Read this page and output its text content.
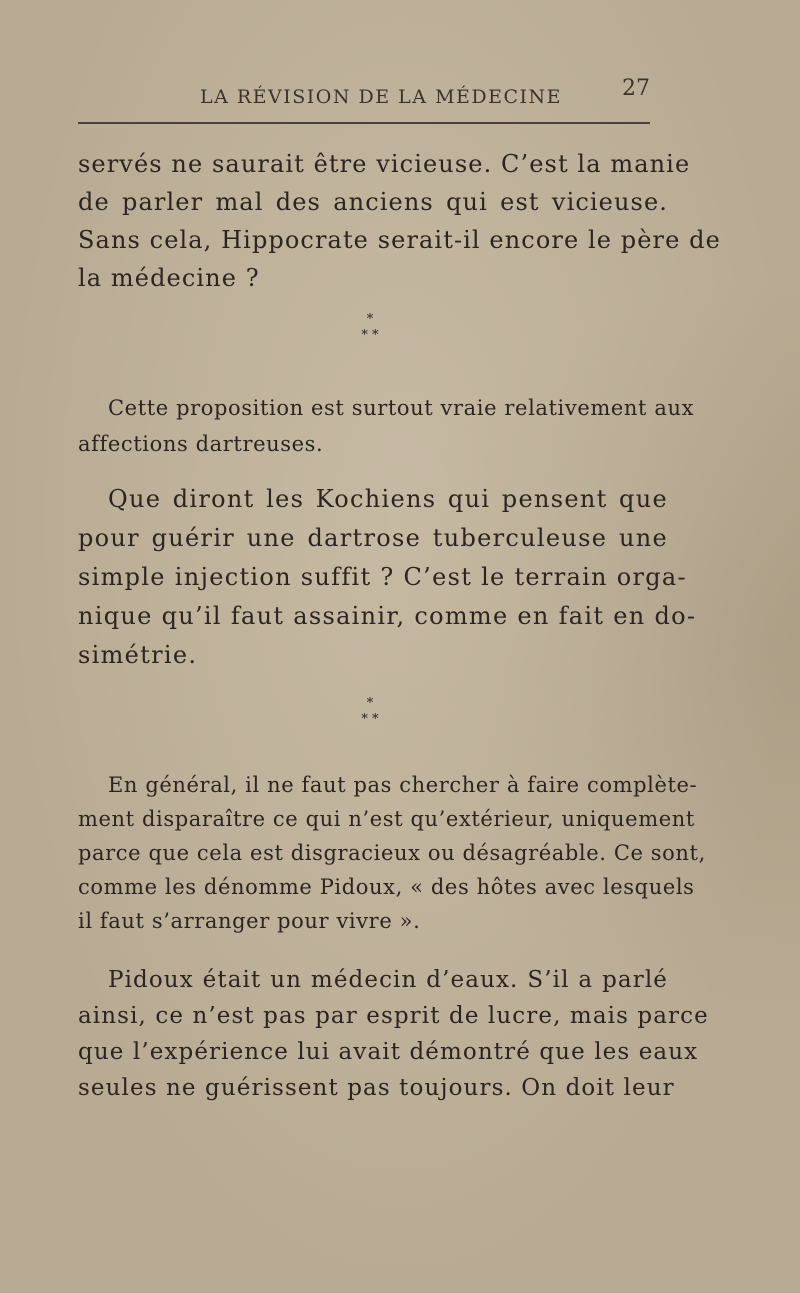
LA RÉVISION DE LA MÉDECINE	27

servés ne saurait être vicieuse. C’est la manie
de parler mal des anciens qui est vicieuse.
Sans cela, Hippocrate serait-il encore le père de
la médecine ?

*
* *

Cette proposition est surtout vraie relativement aux
affections dartreuses.

Que diront les Kochiens qui pensent que
pour guérir une dartrose tuberculeuse une
simple injection suffit ? C’est le terrain orga-
nique qu’il faut assainir, comme en fait en do-
simétrie.

*
* *

En général, il ne faut pas chercher à faire complète-
ment disparaître ce qui n’est qu’extérieur, uniquement
parce que cela est disgracieux ou désagréable. Ce sont,
comme les dénomme Pidoux, « des hôtes avec lesquels
il faut s’arranger pour vivre ».

Pidoux était un médecin d’eaux. S’il a parlé
ainsi, ce n’est pas par esprit de lucre, mais parce
que l’expérience lui avait démontré que les eaux
seules ne guérissent pas toujours. On doit leur
